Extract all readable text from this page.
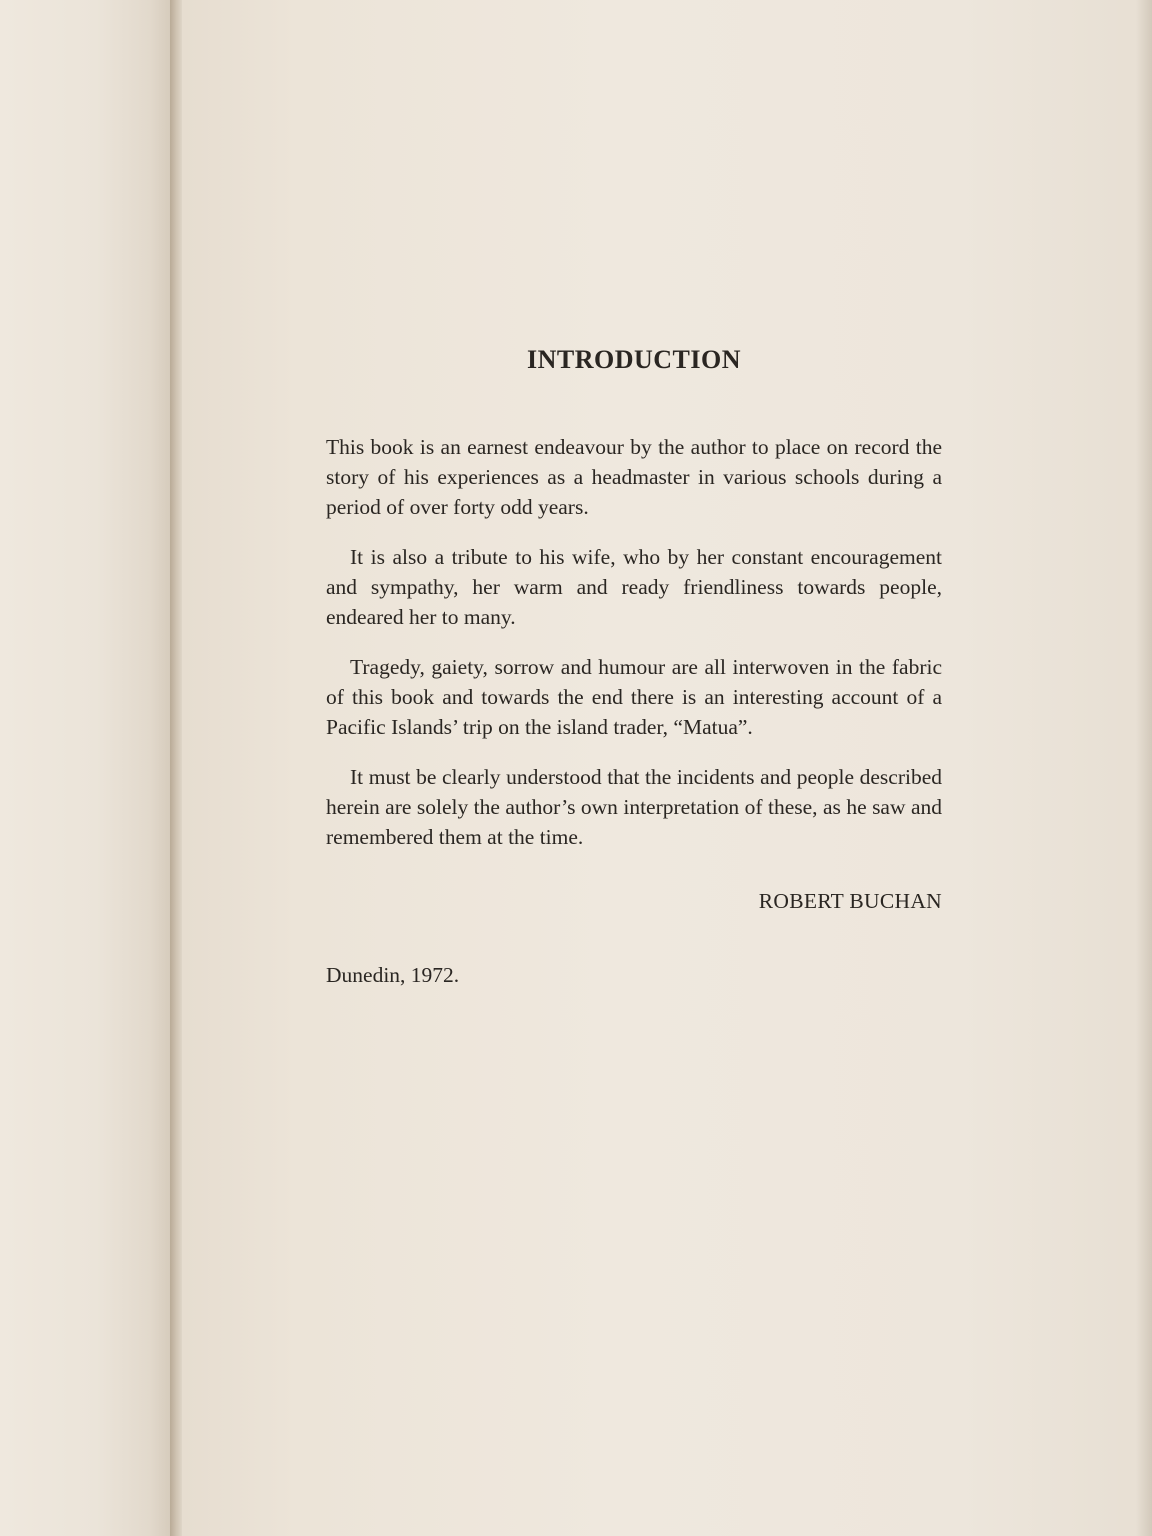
INTRODUCTION

This book is an earnest endeavour by the author to place on record the story of his experiences as a headmaster in various schools during a period of over forty odd years.

It is also a tribute to his wife, who by her constant encouragement and sympathy, her warm and ready friendliness towards people, endeared her to many.

Tragedy, gaiety, sorrow and humour are all interwoven in the fabric of this book and towards the end there is an interesting account of a Pacific Islands’ trip on the island trader, “Matua”.

It must be clearly understood that the incidents and people described herein are solely the author’s own interpretation of these, as he saw and remembered them at the time.

ROBERT BUCHAN

Dunedin, 1972.
